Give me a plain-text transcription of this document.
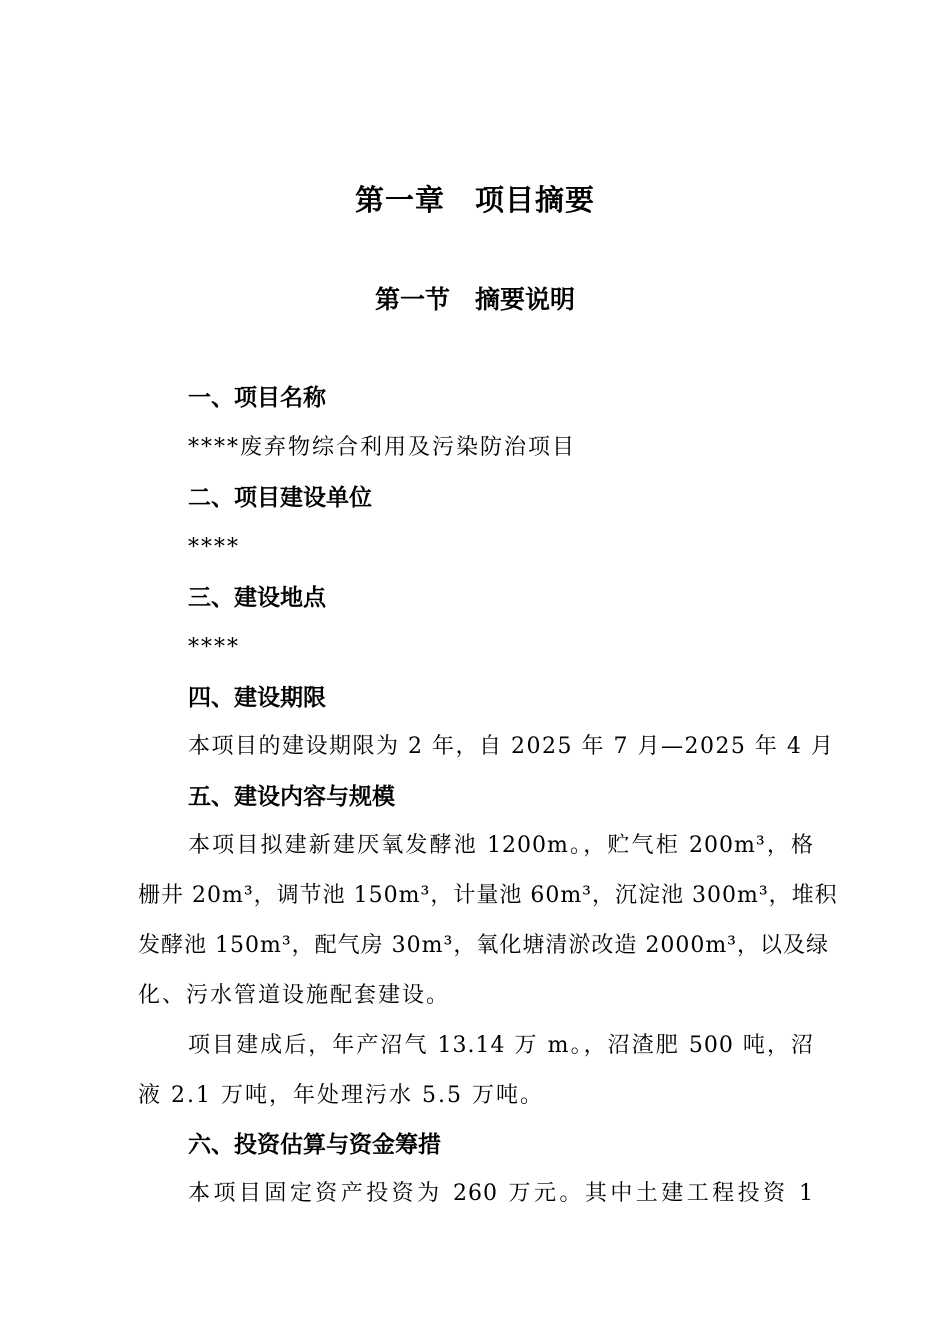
第一章　项目摘要
第一节　摘要说明
一、项目名称
****废弃物综合利用及污染防治项目
二、项目建设单位
****
三、建设地点
****
四、建设期限
本项目的建设期限为 2 年，自 2025 年 7 月—2025 年 4 月
五、建设内容与规模
本项目拟建新建厌氧发酵池 1200m。，贮气柜 200m³，格
栅井 20m³，调节池 150m³，计量池 60m³，沉淀池 300m³，堆积
发酵池 150m³，配气房 30m³，氧化塘清淤改造 2000m³，以及绿
化、污水管道设施配套建设。
项目建成后，年产沼气 13.14 万 m。，沼渣肥 500 吨，沼
液 2.1 万吨，年处理污水 5.5 万吨。
六、投资估算与资金筹措
本项目固定资产投资为 260 万元。其中土建工程投资 1
